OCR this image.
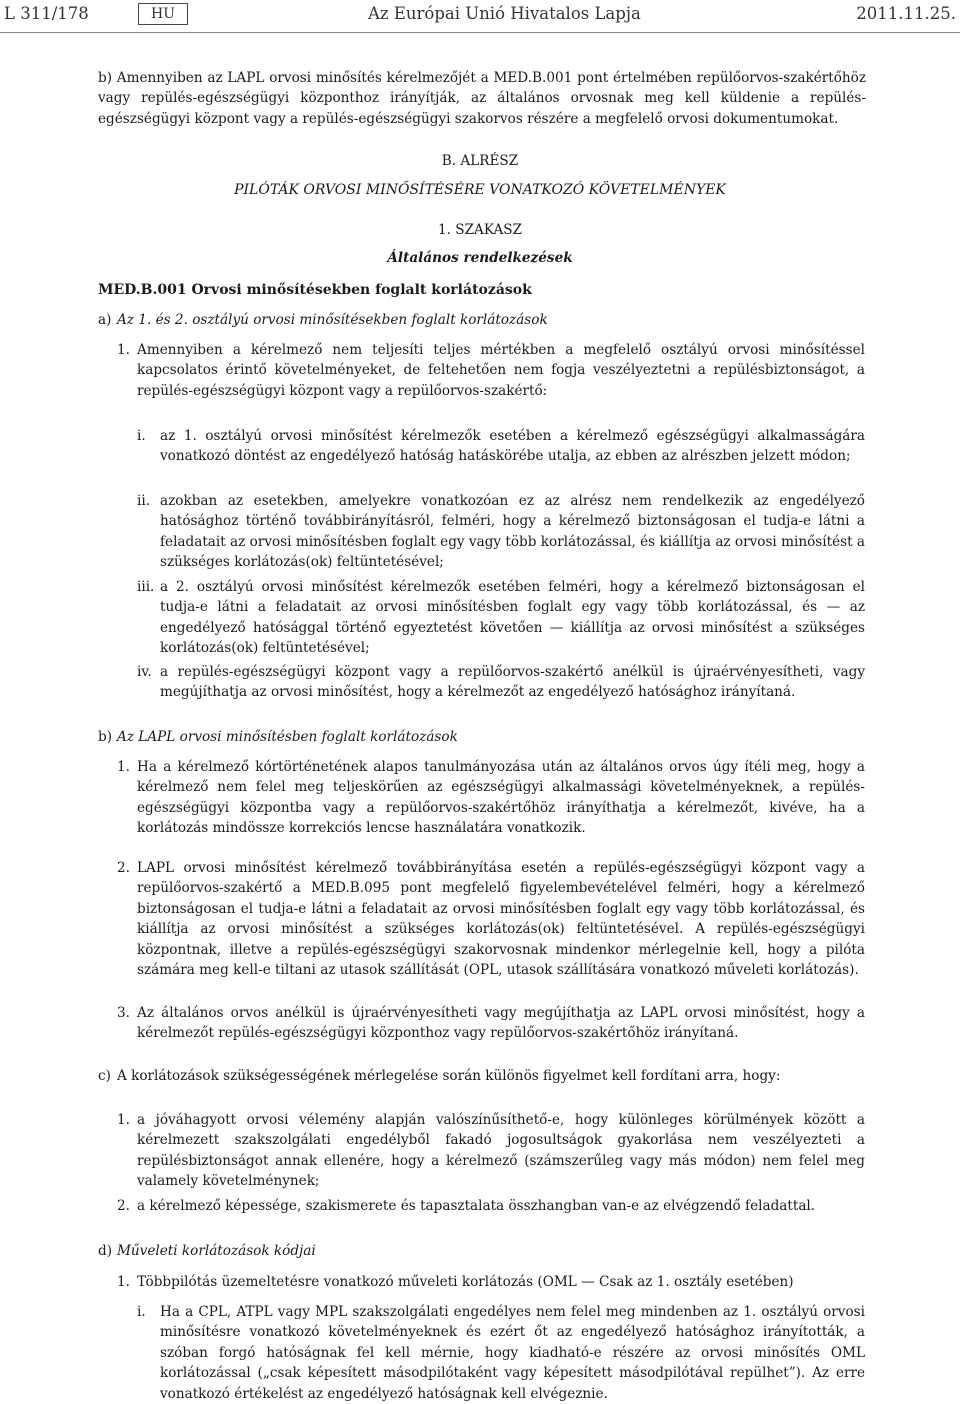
L 311/178	HU	Az Európai Unió Hivatalos Lapja	2011.11.25.
b) Amennyiben az LAPL orvosi minősítés kérelmezőjét a MED.B.001 pont értelmében repülőorvos-szakértőhöz vagy repülés-egészségügyi központhoz irányítják, az általános orvosnak meg kell küldenie a repülés-egészségügyi központ vagy a repülés-egészségügyi szakorvos részére a megfelelő orvosi dokumentumokat.
B. ALRÉSZ
PILÓTÁK ORVOSI MINŐSÍTÉSÉRE VONATKOZÓ KÖVETELMÉNYEK
1. SZAKASZ
Általános rendelkezések
MED.B.001 Orvosi minősítésekben foglalt korlátozások
a) Az 1. és 2. osztályú orvosi minősítésekben foglalt korlátozások
1. Amennyiben a kérelmező nem teljesíti teljes mértékben a megfelelő osztályú orvosi minősítéssel kapcsolatos érintő követelményeket, de feltehetően nem fogja veszélyeztetni a repülésbiztonságot, a repülés-egészségügyi központ vagy a repülőorvos-szakértő:
i. az 1. osztályú orvosi minősítést kérelmezők esetében a kérelmező egészségügyi alkalmasságára vonatkozó döntést az engedélyező hatóság hatáskörébe utalja, az ebben az alrészben jelzett módon;
ii. azokban az esetekben, amelyekre vonatkozóan ez az alrész nem rendelkezik az engedélyező hatósághoz történő továbbirányításról, felméri, hogy a kérelmező biztonságosan el tudja-e látni a feladatait az orvosi minősítésben foglalt egy vagy több korlátozással, és kiállítja az orvosi minősítést a szükséges korlátozás(ok) feltüntetésével;
iii. a 2. osztályú orvosi minősítést kérelmezők esetében felméri, hogy a kérelmező biztonságosan el tudja-e látni a feladatait az orvosi minősítésben foglalt egy vagy több korlátozással, és — az engedélyező hatósággal történő egyeztetést követően — kiállítja az orvosi minősítést a szükséges korlátozás(ok) feltüntetésével;
iv. a repülés-egészségügyi központ vagy a repülőorvos-szakértő anélkül is újraérvényesítheti, vagy megújíthatja az orvosi minősítést, hogy a kérelmezőt az engedélyező hatósághoz irányítaná.
b) Az LAPL orvosi minősítésben foglalt korlátozások
1. Ha a kérelmező kórtörténetének alapos tanulmányozása után az általános orvos úgy ítéli meg, hogy a kérelmező nem felel meg teljeskörűen az egészségügyi alkalmassági követelményeknek, a repülés-egészségügyi központba vagy a repülőorvos-szakértőhöz irányíthatja a kérelmezőt, kivéve, ha a korlátozás mindössze korrekciós lencse használatára vonatkozik.
2. LAPL orvosi minősítést kérelmező továbbirányítása esetén a repülés-egészségügyi központ vagy a repülőorvos-szakértő a MED.B.095 pont megfelelő figyelembevételével felméri, hogy a kérelmező biztonságosan el tudja-e látni a feladatait az orvosi minősítésben foglalt egy vagy több korlátozással, és kiállítja az orvosi minősítést a szükséges korlátozás(ok) feltüntetésével. A repülés-egészségügyi központnak, illetve a repülés-egészségügyi szakorvosnak mindenkor mérlegelnie kell, hogy a pilóta számára meg kell-e tiltani az utasok szállítását (OPL, utasok szállítására vonatkozó műveleti korlátozás).
3. Az általános orvos anélkül is újraérvényesítheti vagy megújíthatja az LAPL orvosi minősítést, hogy a kérelmezőt repülés-egészségügyi központhoz vagy repülőorvos-szakértőhöz irányítaná.
c) A korlátozások szükségességének mérlegelése során különös figyelmet kell fordítani arra, hogy:
1. a jóváhagyott orvosi vélemény alapján valószínűsíthető-e, hogy különleges körülmények között a kérelmezett szakszolgálati engedélyből fakadó jogosultságok gyakorlása nem veszélyezteti a repülésbiztonságot annak ellenére, hogy a kérelmező (számszerűleg vagy más módon) nem felel meg valamely követelménynek;
2. a kérelmező képessége, szakismerete és tapasztalata összhangban van-e az elvégzendő feladattal.
d) Műveleti korlátozások kódjai
1. Többpilótás üzemeltetésre vonatkozó műveleti korlátozás (OML — Csak az 1. osztály esetében)
i. Ha a CPL, ATPL vagy MPL szakszolgálati engedélyes nem felel meg mindenben az 1. osztályú orvosi minősítésre vonatkozó követelményeknek és ezért őt az engedélyező hatósághoz irányították, a szóban forgó hatóságnak fel kell mérnie, hogy kiadható-e részére az orvosi minősítés OML korlátozással („csak képesített másodpilótaként vagy képesített másodpilótával repülhet”). Az erre vonatkozó értékelést az engedélyező hatóságnak kell elvégeznie.
